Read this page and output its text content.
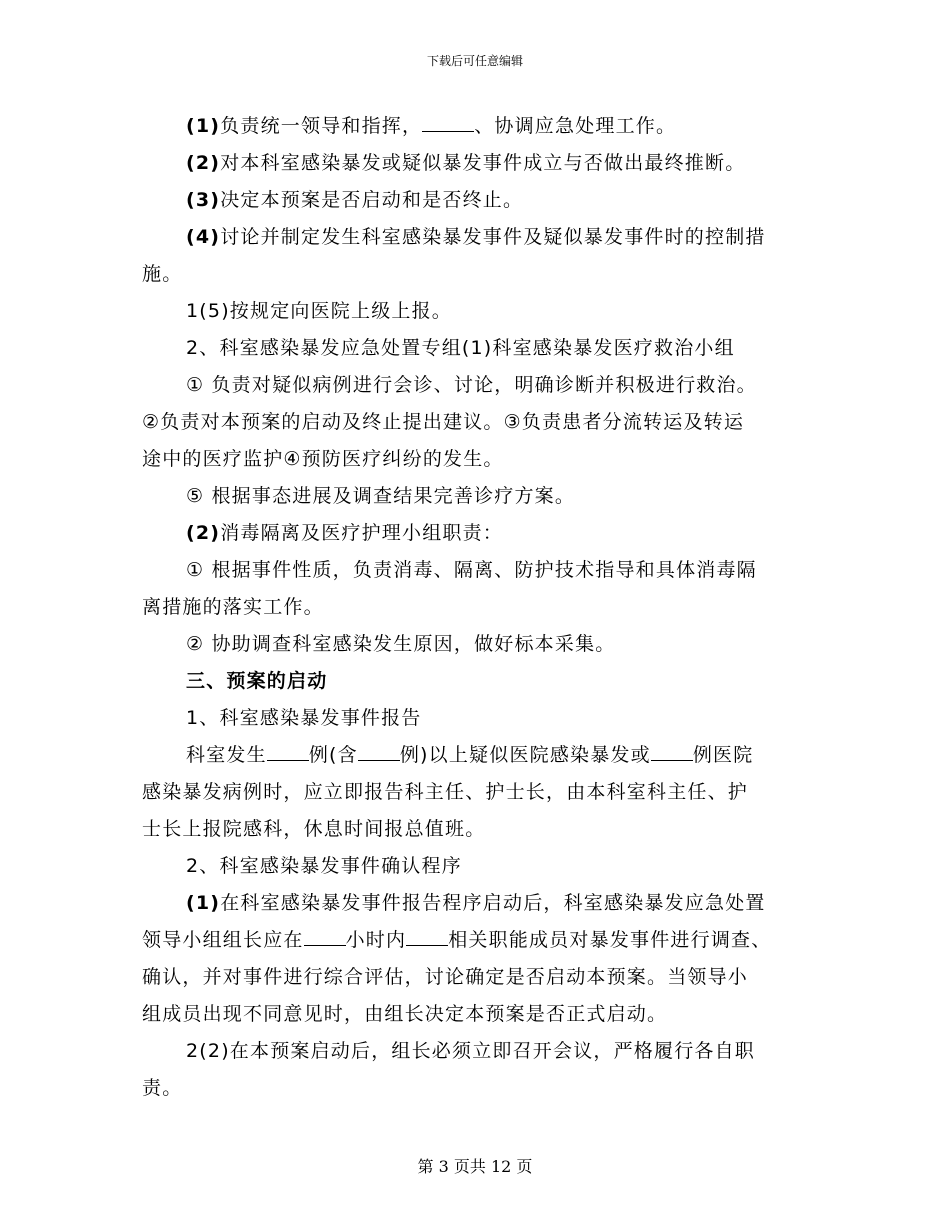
下载后可任意编辑

(1)负责统一领导和指挥，	、协调应急处理工作。

(2)对本科室感染暴发或疑似暴发事件成立与否做出最终推断。

(3)决定本预案是否启动和是否终止。

(4)讨论并制定发生科室感染暴发事件及疑似暴发事件时的控制措

施。

1(5)按规定向医院上级上报。

2、科室感染暴发应急处置专组(1)科室感染暴发医疗救治小组

① 负责对疑似病例进行会诊、讨论，明确诊断并积极进行救治。

②负责对本预案的启动及终止提出建议。③负责患者分流转运及转运

途中的医疗监护④预防医疗纠纷的发生。

⑤ 根据事态进展及调查结果完善诊疗方案。

(2)消毒隔离及医疗护理小组职责：

① 根据事件性质，负责消毒、隔离、防护技术指导和具体消毒隔

离措施的落实工作。

② 协助调查科室感染发生原因，做好标本采集。

三、预案的启动

1、科室感染暴发事件报告

科室发生 例(含 例)以上疑似医院感染暴发或 例医院

感染暴发病例时，应立即报告科主任、护士长，由本科室科主任、护

士长上报院感科，休息时间报总值班。

2、科室感染暴发事件确认程序

(1)在科室感染暴发事件报告程序启动后，科室感染暴发应急处置

领导小组组长应在 小时内 相关职能成员对暴发事件进行调查、

确认，并对事件进行综合评估，讨论确定是否启动本预案。当领导小

组成员出现不同意见时，由组长决定本预案是否正式启动。

2(2)在本预案启动后，组长必须立即召开会议，严格履行各自职

责。

第 3 页共 12 页
